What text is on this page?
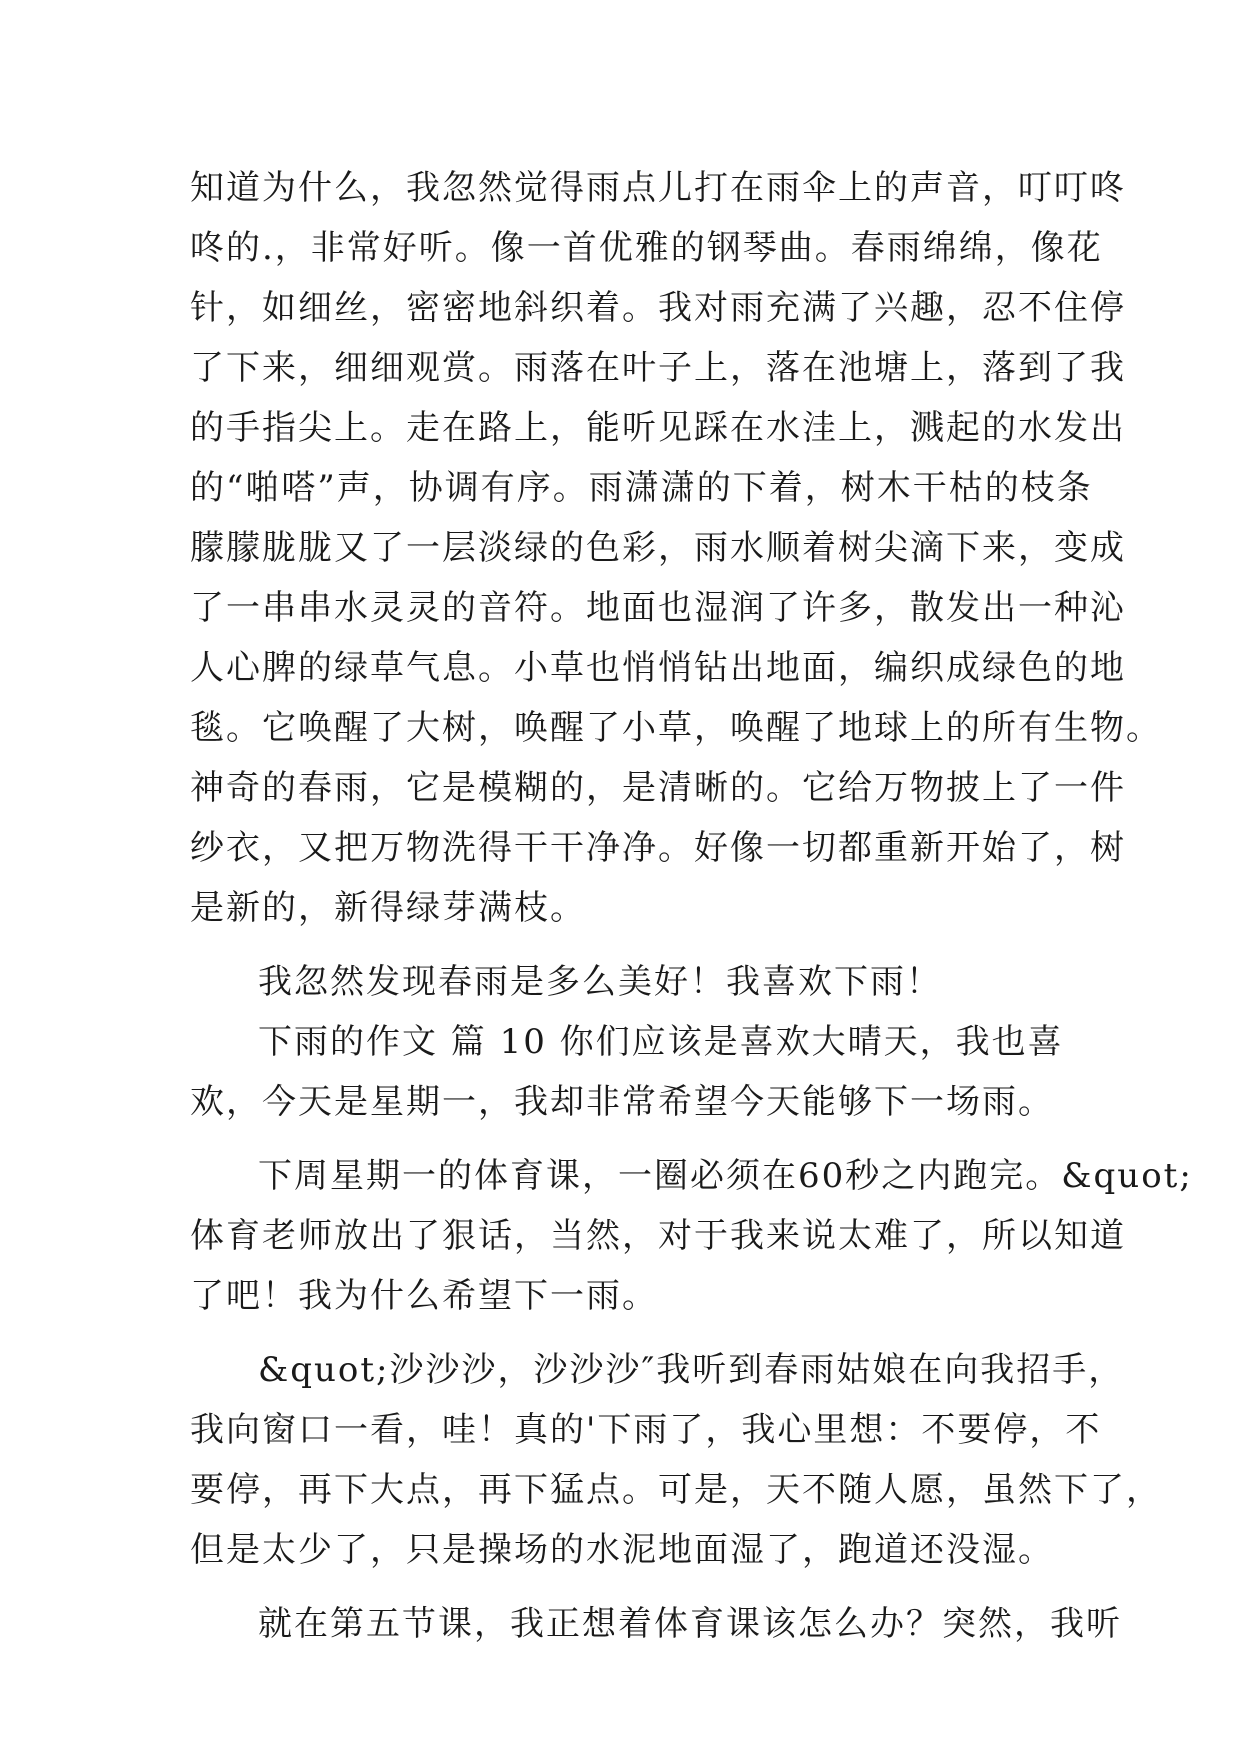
知道为什么，我忽然觉得雨点儿打在雨伞上的声音，叮叮咚
咚的.，非常好听。像一首优雅的钢琴曲。春雨绵绵，像花
针，如细丝，密密地斜织着。我对雨充满了兴趣，忍不住停
了下来，细细观赏。雨落在叶子上，落在池塘上，落到了我
的手指尖上。走在路上，能听见踩在水洼上，溅起的水发出
的“啪嗒”声，协调有序。雨潇潇的下着，树木干枯的枝条
朦朦胧胧又了一层淡绿的色彩，雨水顺着树尖滴下来，变成
了一串串水灵灵的音符。地面也湿润了许多，散发出一种沁
人心脾的绿草气息。小草也悄悄钻出地面，编织成绿色的地
毯。它唤醒了大树，唤醒了小草，唤醒了地球上的所有生物。
神奇的春雨，它是模糊的，是清晰的。它给万物披上了一件
纱衣，又把万物洗得干干净净。好像一切都重新开始了，树
是新的，新得绿芽满枝。
我忽然发现春雨是多么美好！我喜欢下雨！
下雨的作文 篇 10 你们应该是喜欢大晴天，我也喜
欢，今天是星期一，我却非常希望今天能够下一场雨。
下周星期一的体育课，一圈必须在60秒之内跑完。&quot;
体育老师放出了狠话，当然，对于我来说太难了，所以知道
了吧！我为什么希望下一雨。
&quot;沙沙沙，沙沙沙″我听到春雨姑娘在向我招手，
我向窗口一看，哇！真的'下雨了，我心里想：不要停，不
要停，再下大点，再下猛点。可是，天不随人愿，虽然下了，
但是太少了，只是操场的水泥地面湿了，跑道还没湿。
就在第五节课，我正想着体育课该怎么办？突然，我听
